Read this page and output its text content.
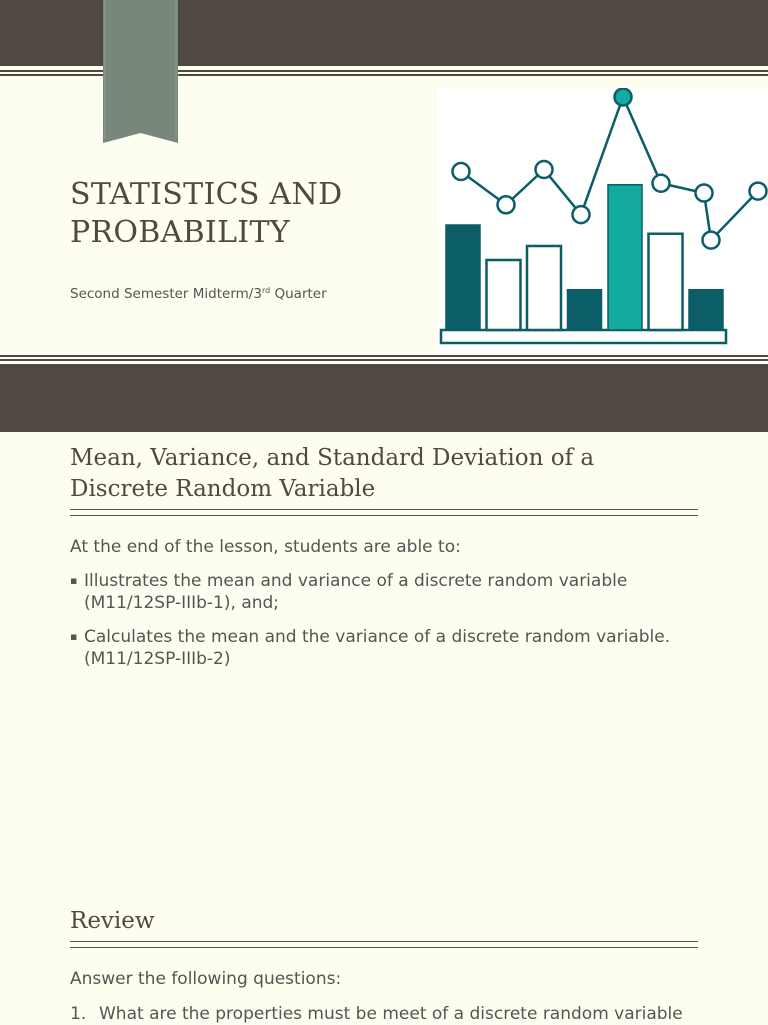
STATISTICS AND
PROBABILITY
Second Semester Midterm/3rd Quarter
Mean, Variance, and Standard Deviation of a
Discrete Random Variable
At the end of the lesson, students are able to:
▪ Illustrates the mean and variance of a discrete random variable
(M11/12SP-IIIb-1), and;
▪ Calculates the mean and the variance of a discrete random variable.
(M11/12SP-IIIb-2)
Review
Answer the following questions:
1. What are the properties must be meet of a discrete random variable
